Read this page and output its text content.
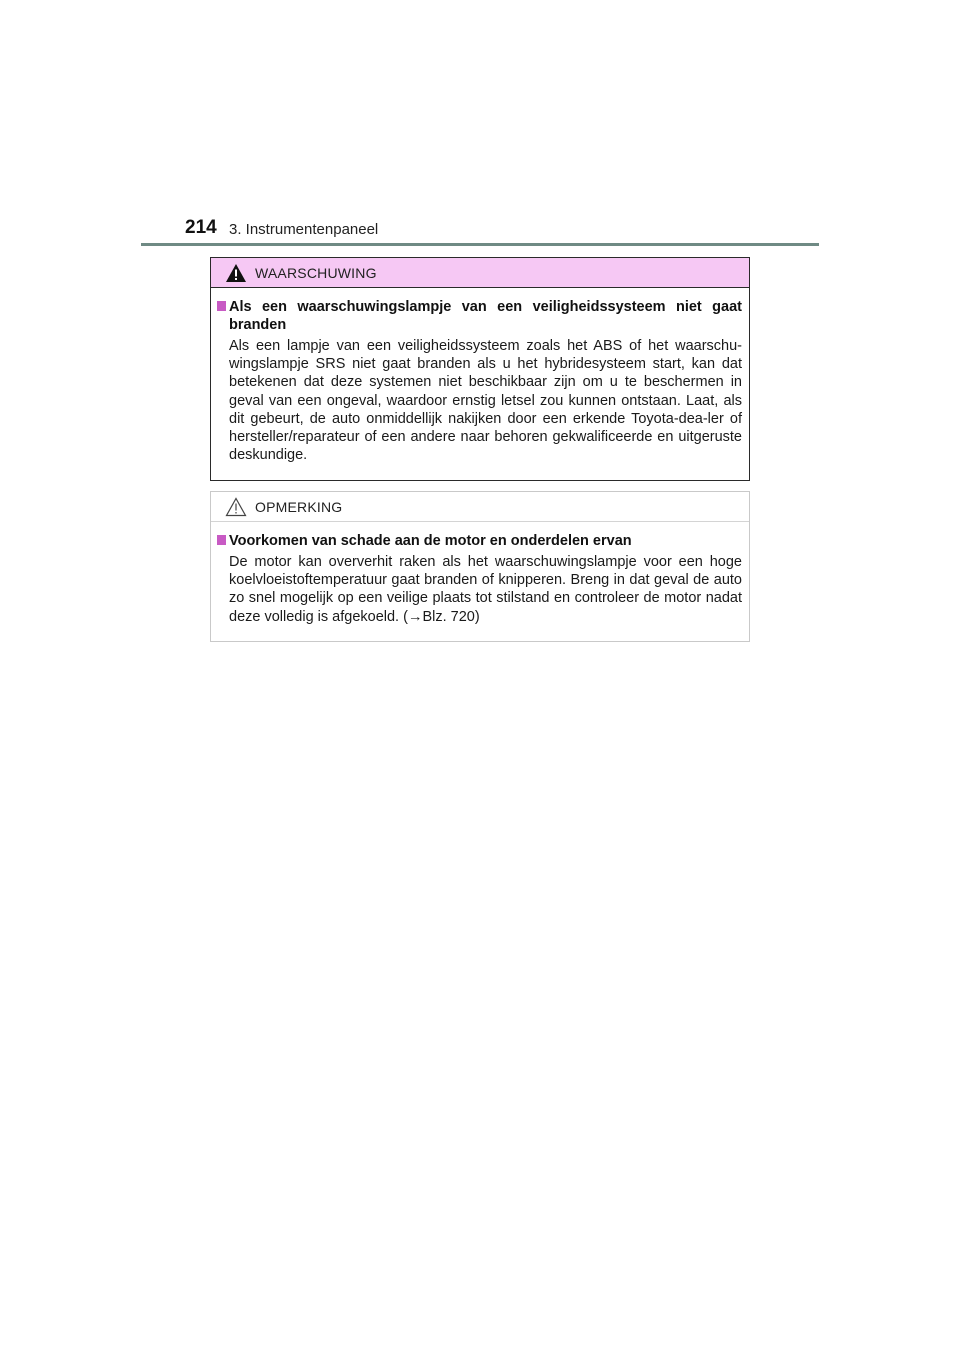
214 3. Instrumentenpaneel
WAARSCHUWING
Als een waarschuwingslampje van een veiligheidssysteem niet gaat branden
Als een lampje van een veiligheidssysteem zoals het ABS of het waarschu-wingslampje SRS niet gaat branden als u het hybridesysteem start, kan dat betekenen dat deze systemen niet beschikbaar zijn om u te beschermen in geval van een ongeval, waardoor ernstig letsel zou kunnen ontstaan. Laat, als dit gebeurt, de auto onmiddellijk nakijken door een erkende Toyota-dea-ler of hersteller/reparateur of een andere naar behoren gekwalificeerde en uitgeruste deskundige.
OPMERKING
Voorkomen van schade aan de motor en onderdelen ervan
De motor kan oververhit raken als het waarschuwingslampje voor een hoge koelvloeistoftemperatuur gaat branden of knipperen. Breng in dat geval de auto zo snel mogelijk op een veilige plaats tot stilstand en controleer de motor nadat deze volledig is afgekoeld. (→Blz. 720)
